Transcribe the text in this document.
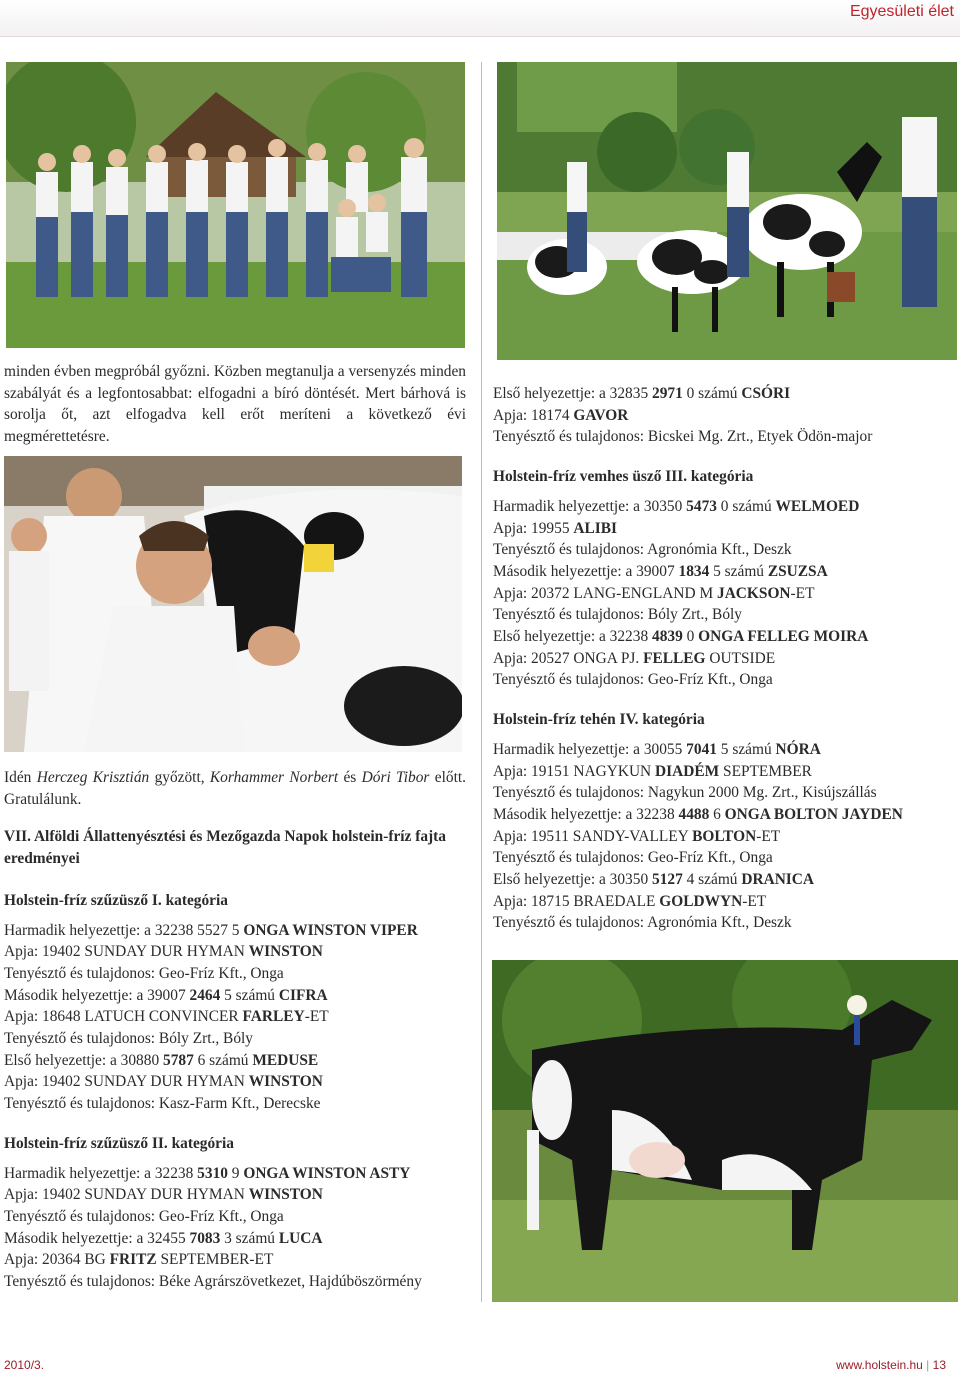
Egyesületi élet

minden évben megpróbál győzni. Közben megtanulja a versenyzés minden szabályát és a legfontosabbat: elfogadni a bíró döntését. Mert bárhová is sorolja őt, azt elfogadva kell erőt meríteni a következő évi megmérettetésre.

Idén Herczeg Krisztián győzött, Korhammer Norbert és Dóri Tibor előtt. Gratulálunk.

VII. Alföldi Állattenyésztési és Mezőgazda Napok holstein-fríz fajta eredményei

Holstein-fríz szűzüsző I. kategória

Harmadik helyezettje: a 32238 5527 5 ONGA WINSTON VIPER

Apja: 19402 SUNDAY DUR HYMAN WINSTON

Tenyésztő és tulajdonos: Geo-Fríz Kft., Onga

Második helyezettje: a 39007 2464 5 számú CIFRA

Apja: 18648 LATUCH CONVINCER FARLEY-ET

Tenyésztő és tulajdonos: Bóly Zrt., Bóly

Első helyezettje: a 30880 5787 6 számú MEDUSE

Apja: 19402 SUNDAY DUR HYMAN WINSTON

Tenyésztő és tulajdonos: Kasz-Farm Kft., Derecske

Holstein-fríz szűzüsző II. kategória

Harmadik helyezettje: a 32238 5310 9 ONGA WINSTON ASTY

Apja: 19402 SUNDAY DUR HYMAN WINSTON

Tenyésztő és tulajdonos: Geo-Fríz Kft., Onga

Második helyezettje: a 32455 7083 3 számú LUCA

Apja: 20364 BG FRITZ SEPTEMBER-ET

Tenyésztő és tulajdonos: Béke Agrárszövetkezet, Hajdúböszörmény

Első helyezettje: a 32835 2971 0 számú CSÓRI

Apja: 18174 GAVOR

Tenyésztő és tulajdonos: Bicskei Mg. Zrt., Etyek Ödön-major

Holstein-fríz vemhes üsző III. kategória

Harmadik helyezettje: a 30350 5473 0 számú WELMOED

Apja: 19955 ALIBI

Tenyésztő és tulajdonos: Agronómia Kft., Deszk

Második helyezettje: a 39007 1834 5 számú ZSUZSA

Apja: 20372 LANG-ENGLAND M JACKSON-ET

Tenyésztő és tulajdonos: Bóly Zrt., Bóly

Első helyezettje: a 32238 4839 0 ONGA FELLEG MOIRA

Apja: 20527 ONGA PJ. FELLEG OUTSIDE

Tenyésztő és tulajdonos: Geo-Fríz Kft., Onga

Holstein-fríz tehén IV. kategória

Harmadik helyezettje: a 30055 7041 5 számú NÓRA

Apja: 19151 NAGYKUN DIADÉM SEPTEMBER

Tenyésztő és tulajdonos: Nagykun 2000 Mg. Zrt., Kisújszállás

Második helyezettje: a 32238 4488 6 ONGA BOLTON JAYDEN

Apja: 19511 SANDY-VALLEY BOLTON-ET

Tenyésztő és tulajdonos: Geo-Fríz Kft., Onga

Első helyezettje: a 30350 5127 4 számú DRANICA

Apja: 18715 BRAEDALE GOLDWYN-ET

Tenyésztő és tulajdonos: Agronómia Kft., Deszk

2010/3.	www.holstein.hu | 13
